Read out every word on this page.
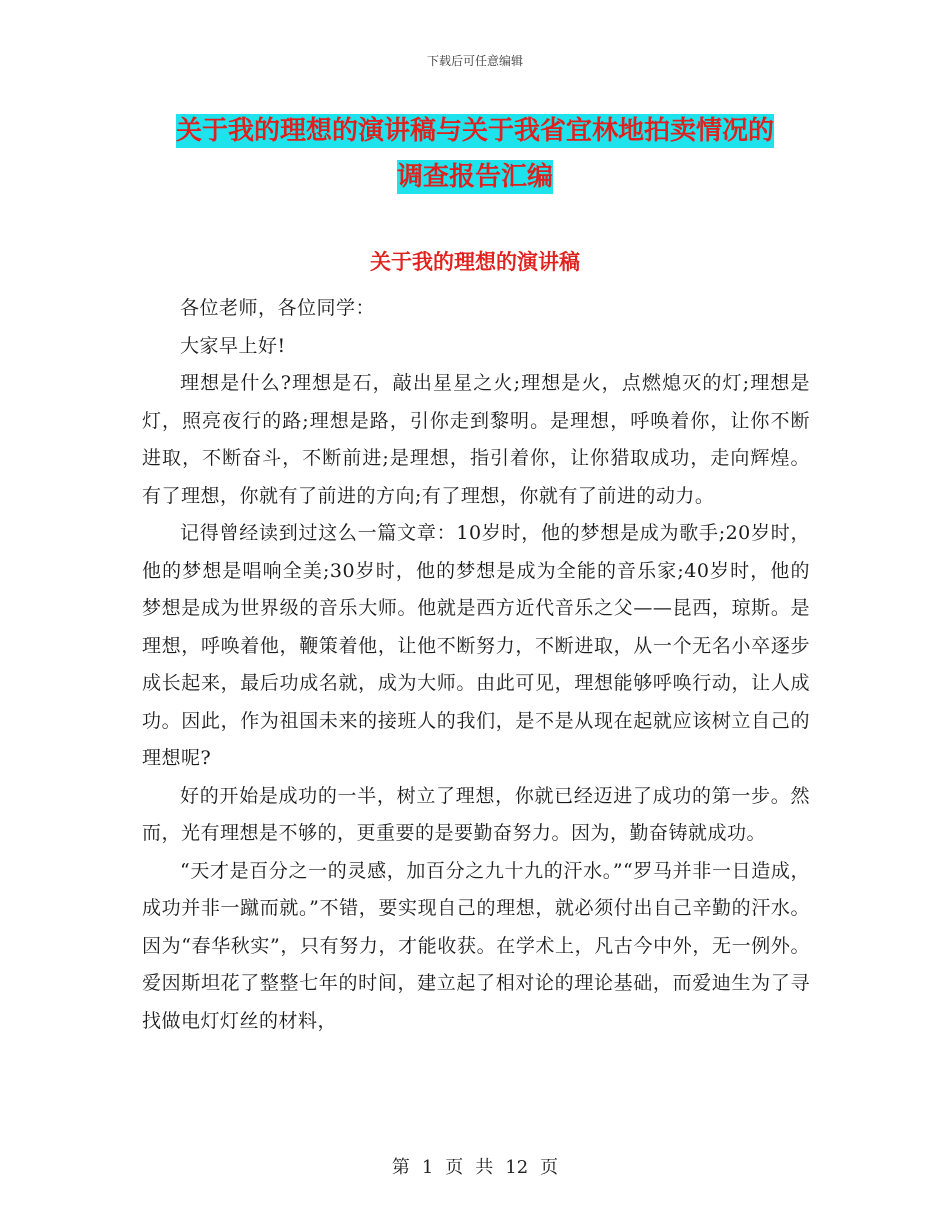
下载后可任意编辑
关于我的理想的演讲稿与关于我省宜林地拍卖情况的
调查报告汇编
关于我的理想的演讲稿

各位老师，各位同学：

大家早上好!

理想是什么?理想是石，敲出星星之火;理想是火，点燃熄灭的灯;理想是灯，照亮夜行的路;理想是路，引你走到黎明。是理想，呼唤着你，让你不断进取，不断奋斗，不断前进;是理想，指引着你，让你猎取成功，走向辉煌。有了理想，你就有了前进的方向;有了理想，你就有了前进的动力。

记得曾经读到过这么一篇文章：10岁时，他的梦想是成为歌手;20岁时，他的梦想是唱响全美;30岁时，他的梦想是成为全能的音乐家;40岁时，他的梦想是成为世界级的音乐大师。他就是西方近代音乐之父——昆西，琼斯。是理想，呼唤着他，鞭策着他，让他不断努力，不断进取，从一个无名小卒逐步成长起来，最后功成名就，成为大师。由此可见，理想能够呼唤行动，让人成功。因此，作为祖国未来的接班人的我们，是不是从现在起就应该树立自己的理想呢?

好的开始是成功的一半，树立了理想，你就已经迈进了成功的第一步。然而，光有理想是不够的，更重要的是要勤奋努力。因为，勤奋铸就成功。

“天才是百分之一的灵感，加百分之九十九的汗水。”“罗马并非一日造成，成功并非一蹴而就。”不错，要实现自己的理想，就必须付出自己辛勤的汗水。因为“春华秋实”，只有努力，才能收获。在学术上，凡古今中外，无一例外。爱因斯坦花了整整七年的时间，建立起了相对论的理论基础，而爱迪生为了寻找做电灯灯丝的材料，

第 1 页 共 12 页
